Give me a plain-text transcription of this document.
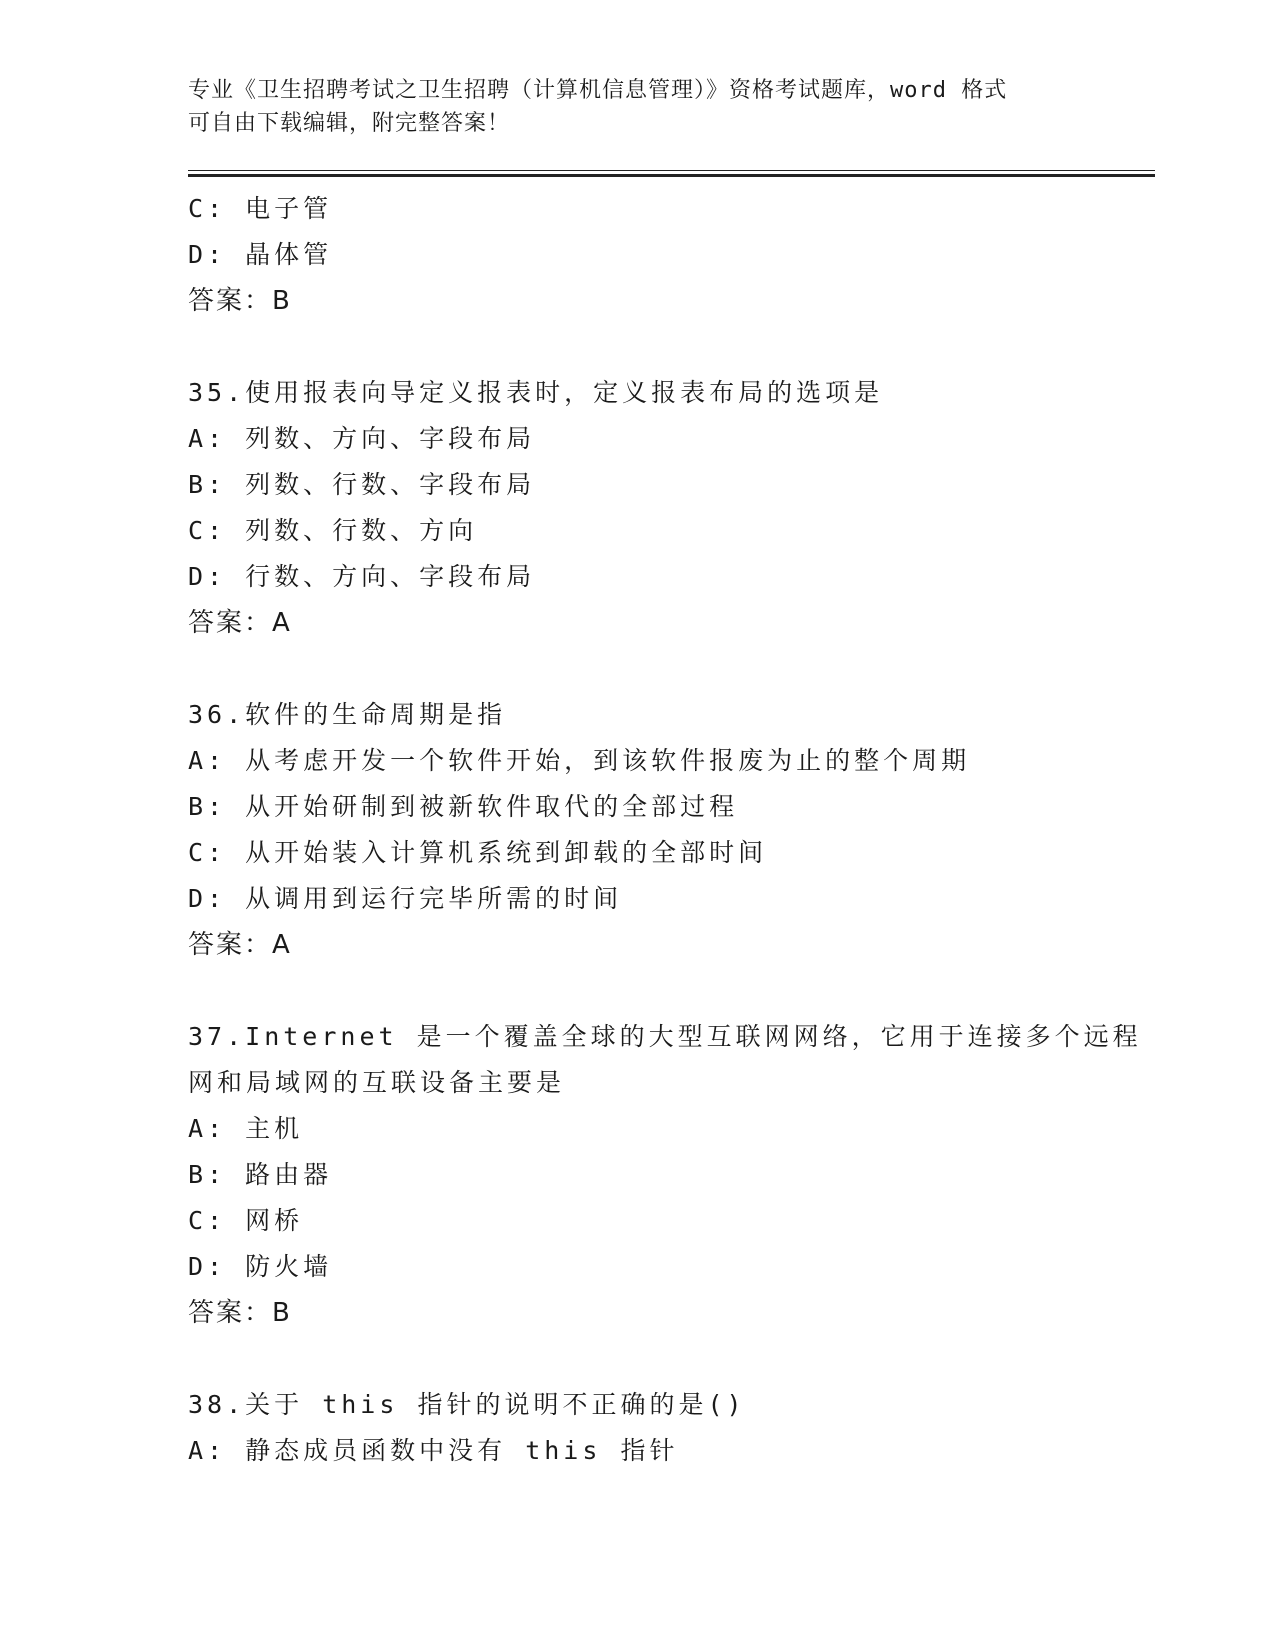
专业《卫生招聘考试之卫生招聘（计算机信息管理）》资格考试题库，word 格式
可自由下载编辑，附完整答案！
C: 电子管
D: 晶体管
答案：B
35.使用报表向导定义报表时，定义报表布局的选项是
A: 列数、方向、字段布局
B: 列数、行数、字段布局
C: 列数、行数、方向
D: 行数、方向、字段布局
答案：A
36.软件的生命周期是指
A: 从考虑开发一个软件开始，到该软件报废为止的整个周期
B: 从开始研制到被新软件取代的全部过程
C: 从开始装入计算机系统到卸载的全部时间
D: 从调用到运行完毕所需的时间
答案：A
37.Internet 是一个覆盖全球的大型互联网网络，它用于连接多个远程
网和局域网的互联设备主要是
A: 主机
B: 路由器
C: 网桥
D: 防火墙
答案：B
38.关于 this 指针的说明不正确的是()
A: 静态成员函数中没有 this 指针
